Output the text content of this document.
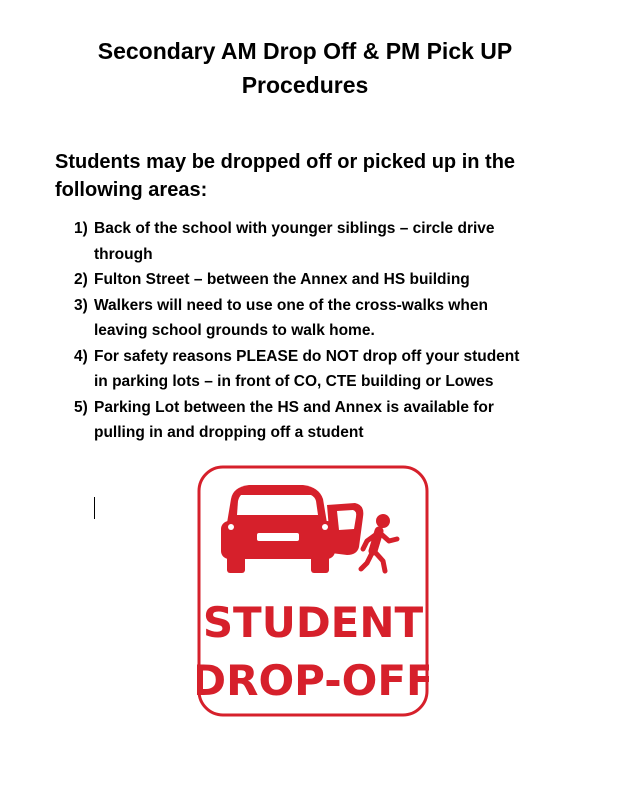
Secondary AM Drop Off & PM Pick UP
Procedures
Students may be dropped off or picked up in the
following areas:
1) Back of the school with younger siblings – circle drive
through
2) Fulton Street – between the Annex and HS building
3) Walkers will need to use one of the cross-walks when
leaving school grounds to walk home.
4) For safety reasons PLEASE do NOT drop off your student
in parking lots – in front of CO, CTE building or Lowes
5) Parking Lot between the HS and Annex is available for
pulling in and dropping off a student
STUDENT
DROP-OFF
